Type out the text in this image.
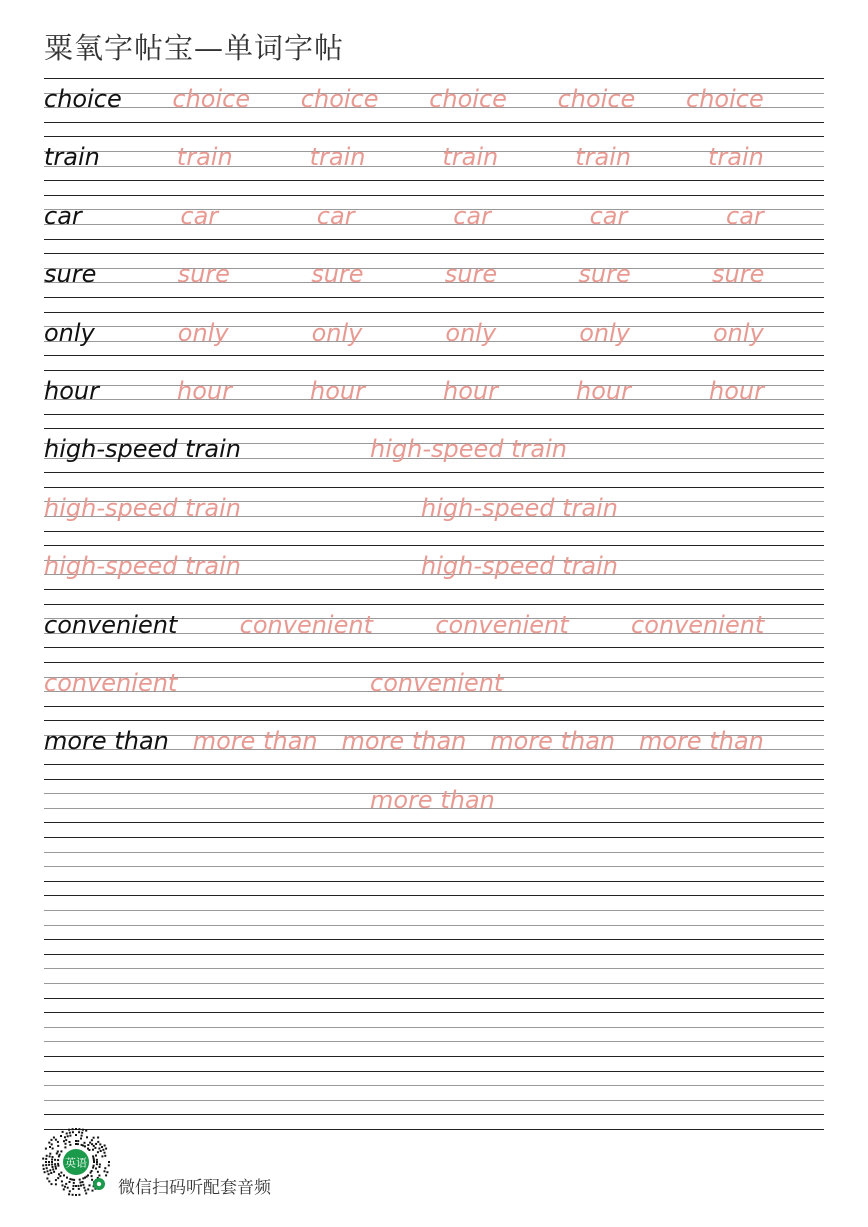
粟氧字帖宝—单词字帖
choice choice choice choice choice choice
train	train	train	train	train	train
car	car	car	car	car	car
sure	sure	sure	sure	sure	sure
only	only	only	only	only	only
hour	hour	hour	hour	hour	hour
high-speed train	high-speed train
high-speed train	high-speed train
high-speed train	high-speed train
convenient	convenient	convenient	convenient
convenient	convenient
more than more than more than more than more than
more than
英语
微信扫码听配套音频
